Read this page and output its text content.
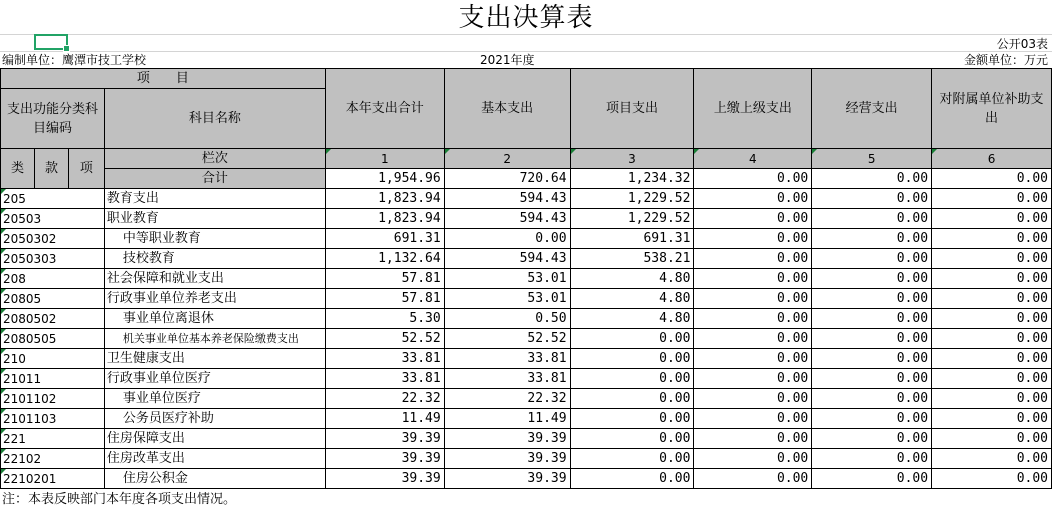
支出决算表
公开03表
编制单位：鹰潭市技工学校	2021年度	金额单位：万元
项　　目				本年支出合计	基本支出	项目支出	上缴上级支出	经营支出	对附属单位补助支出
支出功能分类科目编码			科目名称						

类	款	项	栏次	1	2	3	4	5	6
			合计	1,954.96	720.64	1,234.32	0.00	0.00	0.00
205			教育支出	1,823.94	594.43	1,229.52	0.00	0.00	0.00
20503			职业教育	1,823.94	594.43	1,229.52	0.00	0.00	0.00
2050302			中等职业教育	691.31	0.00	691.31	0.00	0.00	0.00
2050303			技校教育	1,132.64	594.43	538.21	0.00	0.00	0.00
208			社会保障和就业支出	57.81	53.01	4.80	0.00	0.00	0.00
20805			行政事业单位养老支出	57.81	53.01	4.80	0.00	0.00	0.00
2080502			事业单位离退休	5.30	0.50	4.80	0.00	0.00	0.00
2080505			机关事业单位基本养老保险缴费支出	52.52	52.52	0.00	0.00	0.00	0.00
210			卫生健康支出	33.81	33.81	0.00	0.00	0.00	0.00
21011			行政事业单位医疗	33.81	33.81	0.00	0.00	0.00	0.00
2101102			事业单位医疗	22.32	22.32	0.00	0.00	0.00	0.00
2101103			公务员医疗补助	11.49	11.49	0.00	0.00	0.00	0.00
221			住房保障支出	39.39	39.39	0.00	0.00	0.00	0.00
22102			住房改革支出	39.39	39.39	0.00	0.00	0.00	0.00
2210201			住房公积金	39.39	39.39	0.00	0.00	0.00	0.00
注：本表反映部门本年度各项支出情况。
